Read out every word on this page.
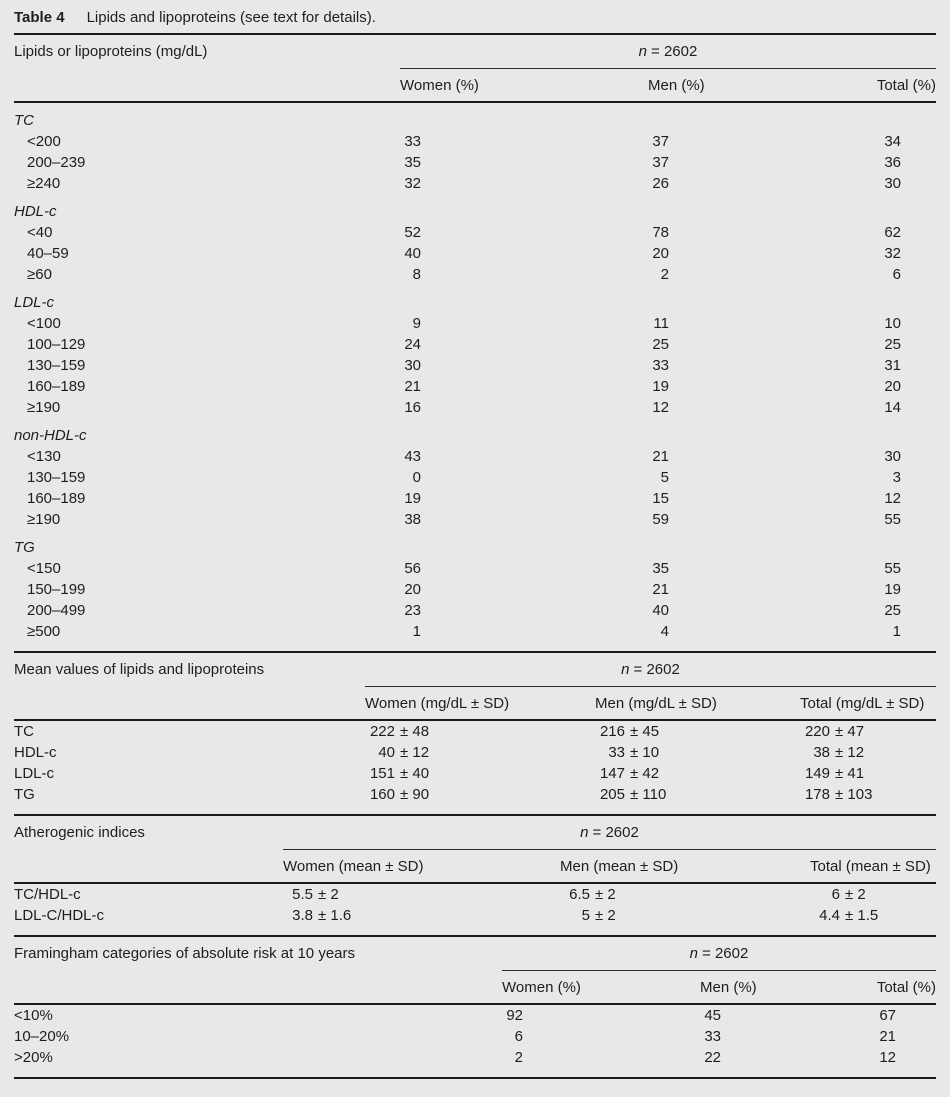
Table 4 Lipids and lipoproteins (see text for details).
Lipids or lipoproteins (mg/dL)	n = 2602
Women (%)	Men (%)	Total (%)
TC
<200	33	37	34
200–239	35	37	36
≥240	32	26	30
HDL-c
<40	52	78	62
40–59	40	20	32
≥60	8	2	6
LDL-c
<100	9	11	10
100–129	24	25	25
130–159	30	33	31
160–189	21	19	20
≥190	16	12	14
non-HDL-c
<130	43	21	30
130–159	0	5	3
160–189	19	15	12
≥190	38	59	55
TG
<150	56	35	55
150–199	20	21	19
200–499	23	40	25
≥500	1	4	1
Mean values of lipids and lipoproteins	n = 2602
Women (mg/dL ± SD)	Men (mg/dL ± SD)	Total (mg/dL ± SD)
TC	222 ± 48	216 ± 45	220 ± 47
HDL-c	40 ± 12	33 ± 10	38 ± 12
LDL-c	151 ± 40	147 ± 42	149 ± 41
TG	160 ± 90	205 ± 110	178 ± 103
Atherogenic indices	n = 2602
Women (mean ± SD)	Men (mean ± SD)	Total (mean ± SD)
TC/HDL-c	5.5 ± 2	6.5 ± 2	6 ± 2
LDL-C/HDL-c	3.8 ± 1.6	5 ± 2	4.4 ± 1.5
Framingham categories of absolute risk at 10 years	n = 2602
Women (%)	Men (%)	Total (%)
<10%	92	45	67
10–20%	6	33	21
>20%	2	22	12
